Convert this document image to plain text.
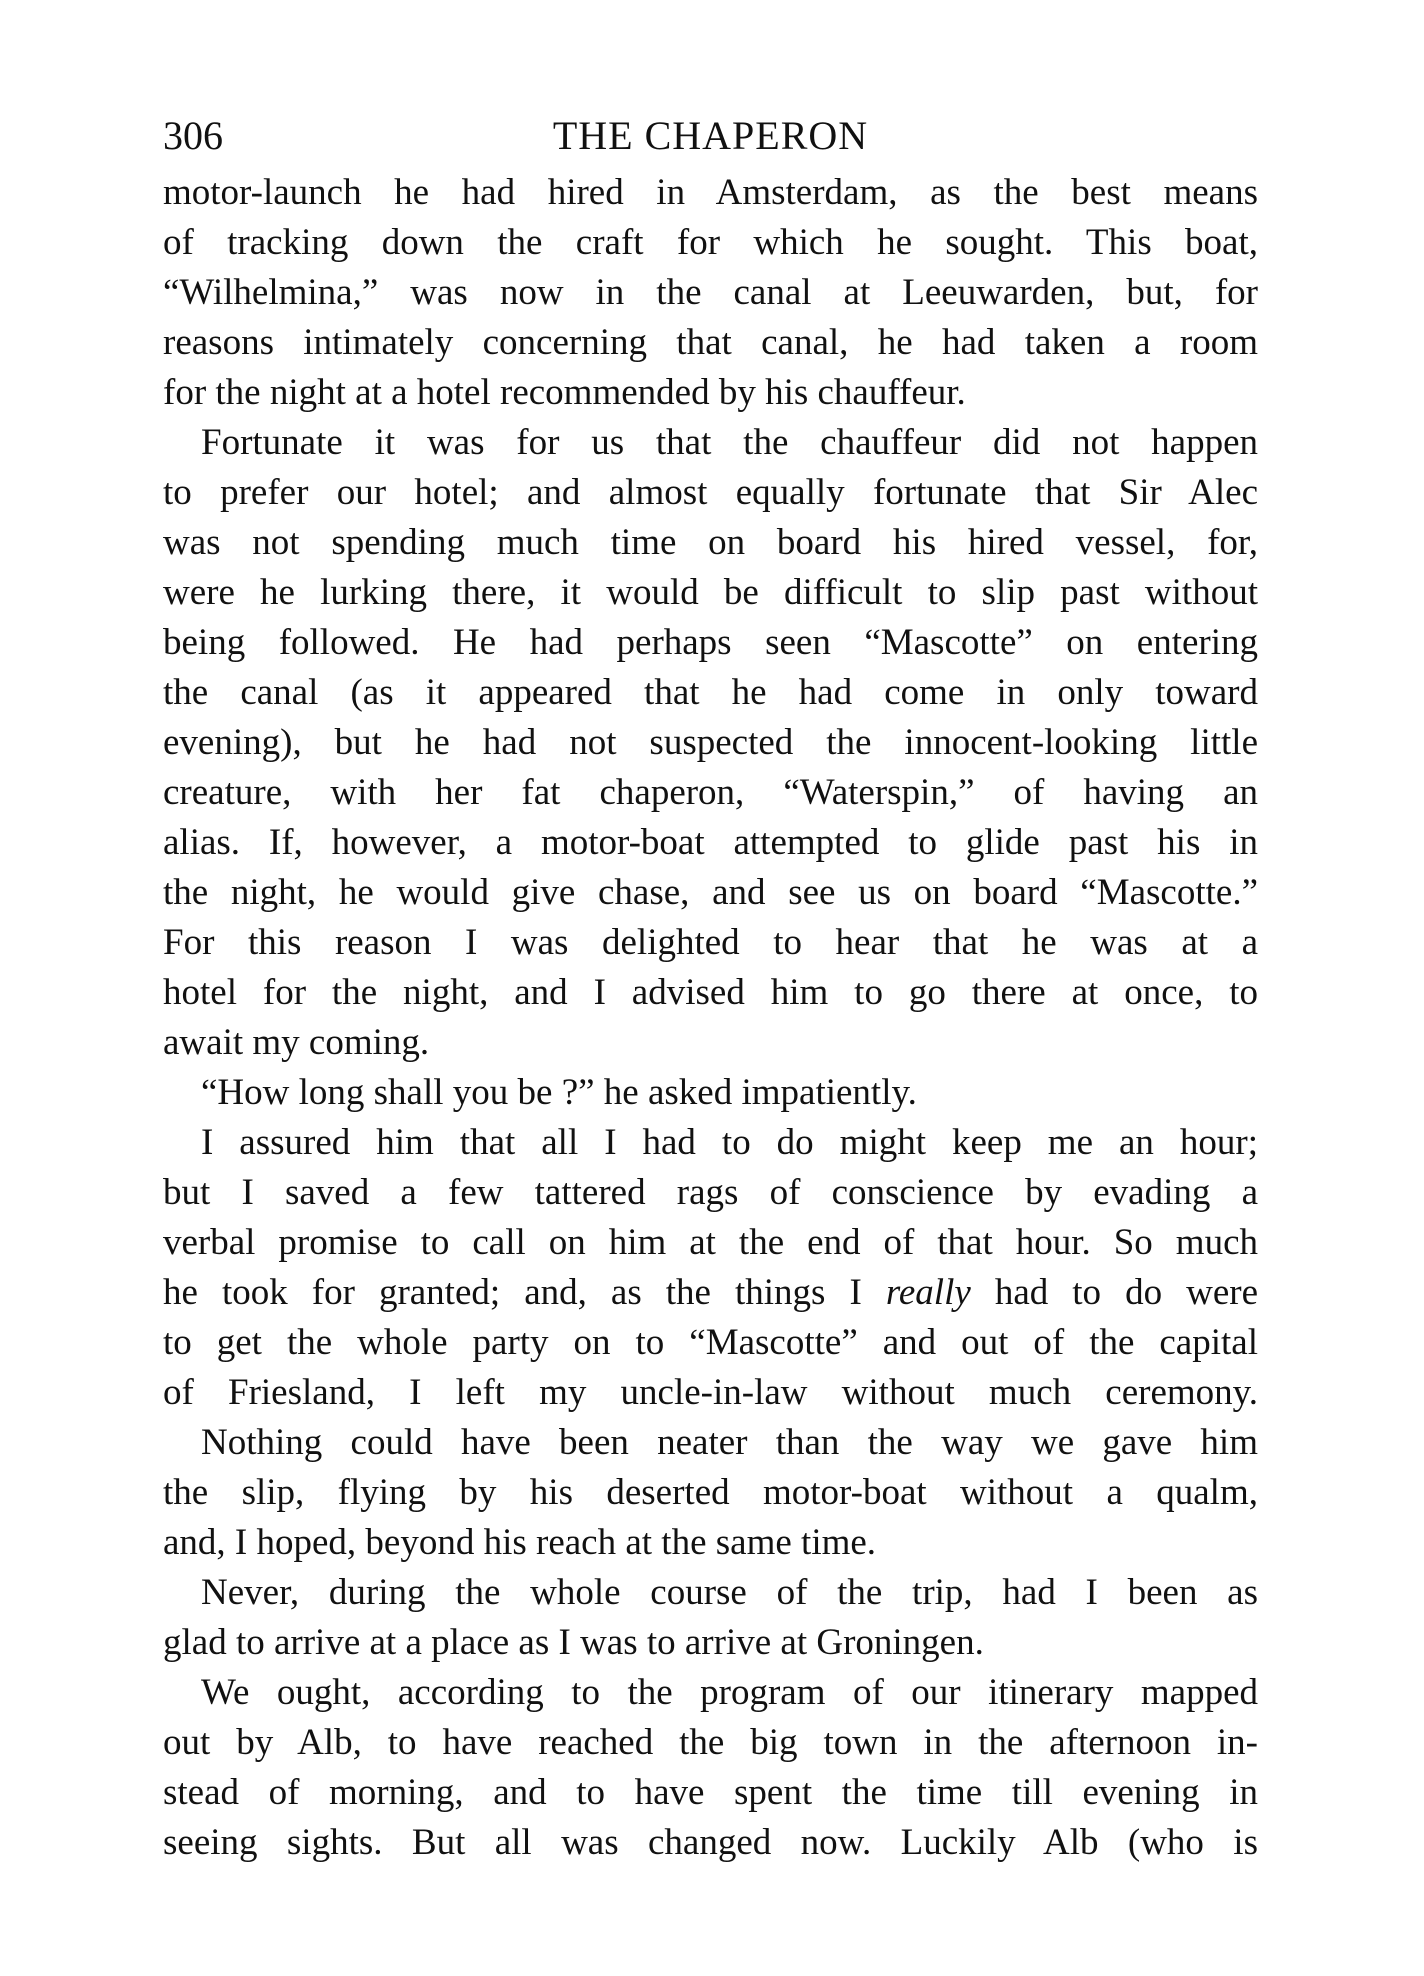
306	THE CHAPERON
motor-launch he had hired in Amsterdam, as the best means
of tracking down the craft for which he sought. This boat,
“Wilhelmina,” was now in the canal at Leeuwarden, but, for
reasons intimately concerning that canal, he had taken a room
for the night at a hotel recommended by his chauffeur.
Fortunate it was for us that the chauffeur did not happen
to prefer our hotel; and almost equally fortunate that Sir Alec
was not spending much time on board his hired vessel, for,
were he lurking there, it would be difficult to slip past without
being followed. He had perhaps seen “Mascotte” on entering
the canal (as it appeared that he had come in only toward
evening), but he had not suspected the innocent-looking little
creature, with her fat chaperon, “Waterspin,” of having an
alias. If, however, a motor-boat attempted to glide past his in
the night, he would give chase, and see us on board “Mascotte.”
For this reason I was delighted to hear that he was at a
hotel for the night, and I advised him to go there at once, to
await my coming.
“How long shall you be ?” he asked impatiently.
I assured him that all I had to do might keep me an hour;
but I saved a few tattered rags of conscience by evading a
verbal promise to call on him at the end of that hour. So much
he took for granted; and, as the things I really had to do were
to get the whole party on to “Mascotte” and out of the capital
of Friesland, I left my uncle-in-law without much ceremony.
Nothing could have been neater than the way we gave him
the slip, flying by his deserted motor-boat without a qualm,
and, I hoped, beyond his reach at the same time.
Never, during the whole course of the trip, had I been as
glad to arrive at a place as I was to arrive at Groningen.
We ought, according to the program of our itinerary mapped
out by Alb, to have reached the big town in the afternoon in-
stead of morning, and to have spent the time till evening in
seeing sights. But all was changed now. Luckily Alb (who is
